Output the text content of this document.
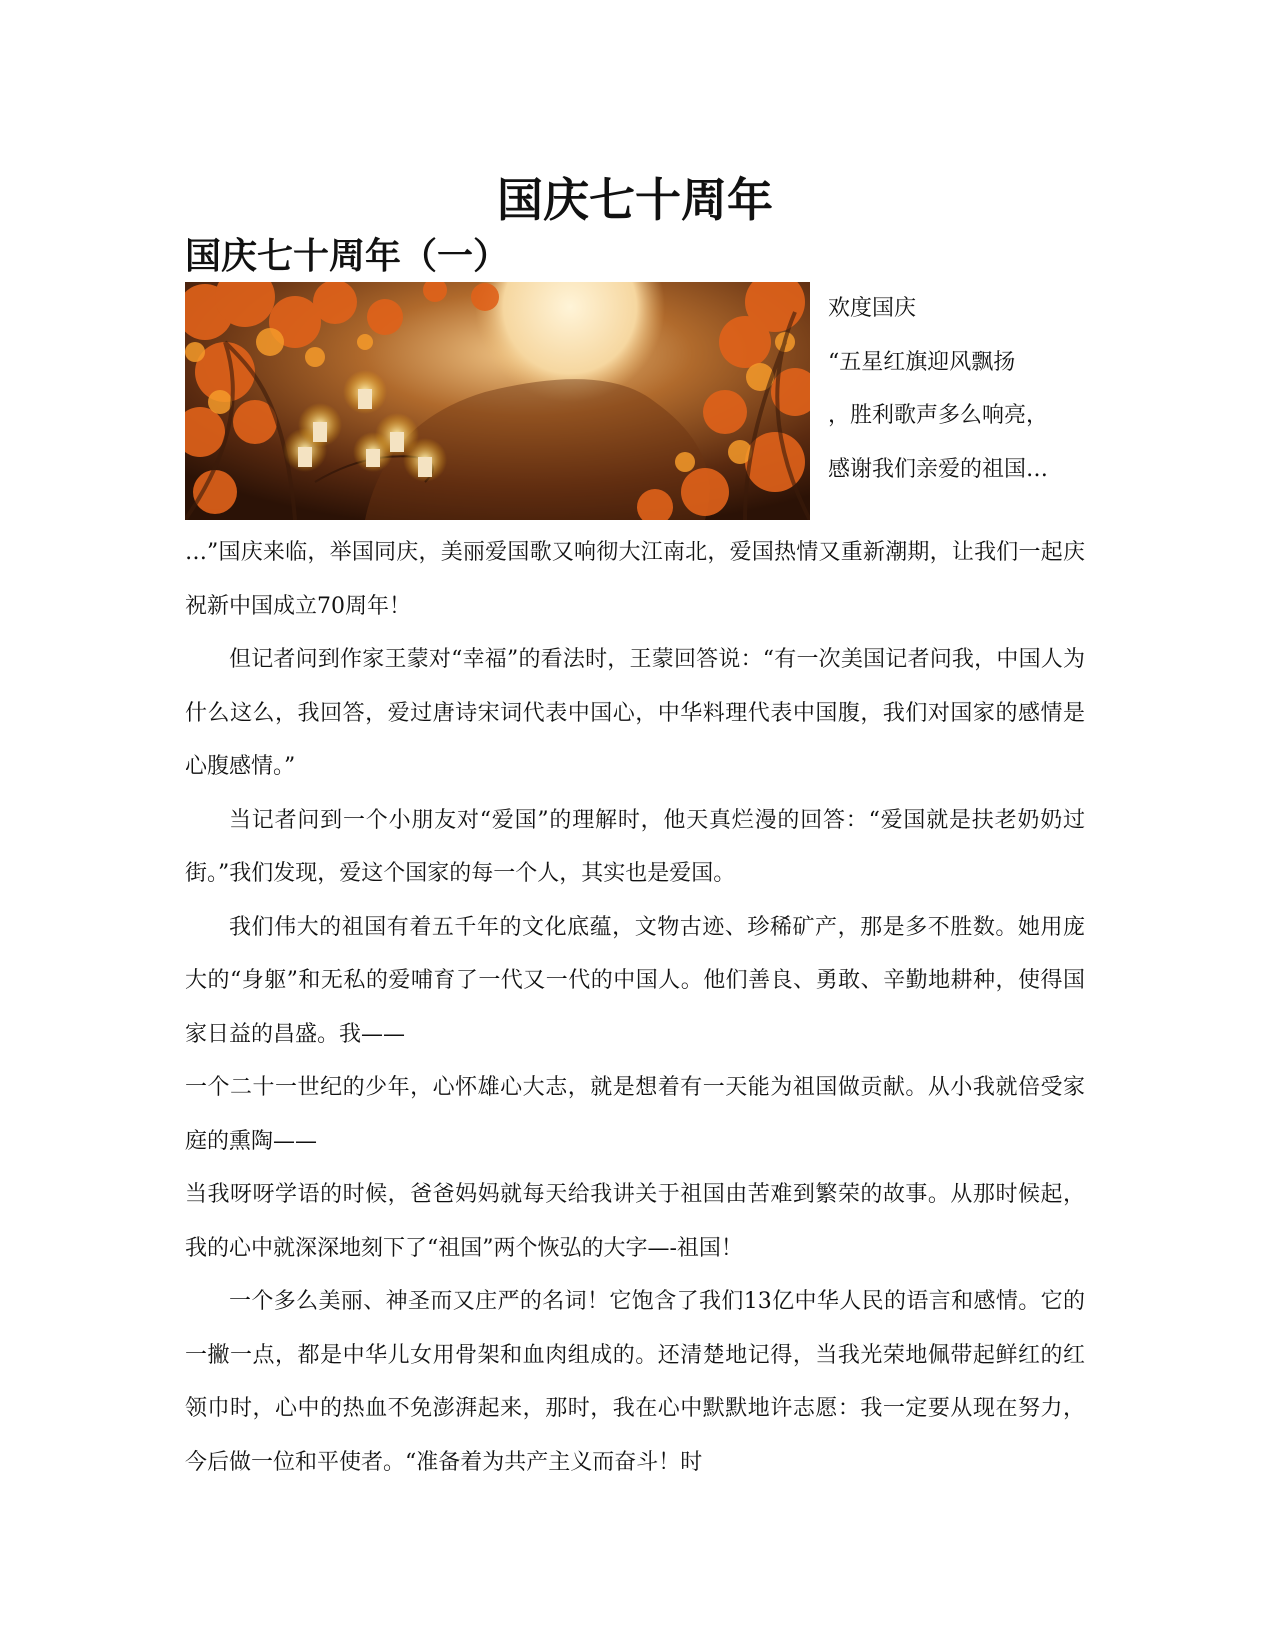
国庆七十周年
国庆七十周年（一）
欢度国庆
“五星红旗迎风飘扬
，胜利歌声多么响亮，
感谢我们亲爱的祖国…

…”国庆来临，举国同庆，美丽爱国歌又响彻大江南北，爱国热情又重新潮期，让我们一起庆祝新中国成立70周年！

但记者问到作家王蒙对“幸福”的看法时，王蒙回答说：“有一次美国记者问我，中国人为什么这么，我回答，爱过唐诗宋词代表中国心，中华料理代表中国腹，我们对国家的感情是心腹感情。”

当记者问到一个小朋友对“爱国”的理解时，他天真烂漫的回答：“爱国就是扶老奶奶过街。”我们发现，爱这个国家的每一个人，其实也是爱国。

我们伟大的祖国有着五千年的文化底蕴，文物古迹、珍稀矿产，那是多不胜数。她用庞大的“身躯”和无私的爱哺育了一代又一代的中国人。他们善良、勇敢、辛勤地耕种，使得国家日益的昌盛。我——

一个二十一世纪的少年，心怀雄心大志，就是想着有一天能为祖国做贡献。从小我就倍受家庭的熏陶——

当我呀呀学语的时候，爸爸妈妈就每天给我讲关于祖国由苦难到繁荣的故事。从那时候起，我的心中就深深地刻下了“祖国”两个恢弘的大字—-祖国！

一个多么美丽、神圣而又庄严的名词！它饱含了我们13亿中华人民的语言和感情。它的一撇一点，都是中华儿女用骨架和血肉组成的。还清楚地记得，当我光荣地佩带起鲜红的红领巾时，心中的热血不免澎湃起来，那时，我在心中默默地许志愿：我一定要从现在努力，今后做一位和平使者。“准备着为共产主义而奋斗！时
